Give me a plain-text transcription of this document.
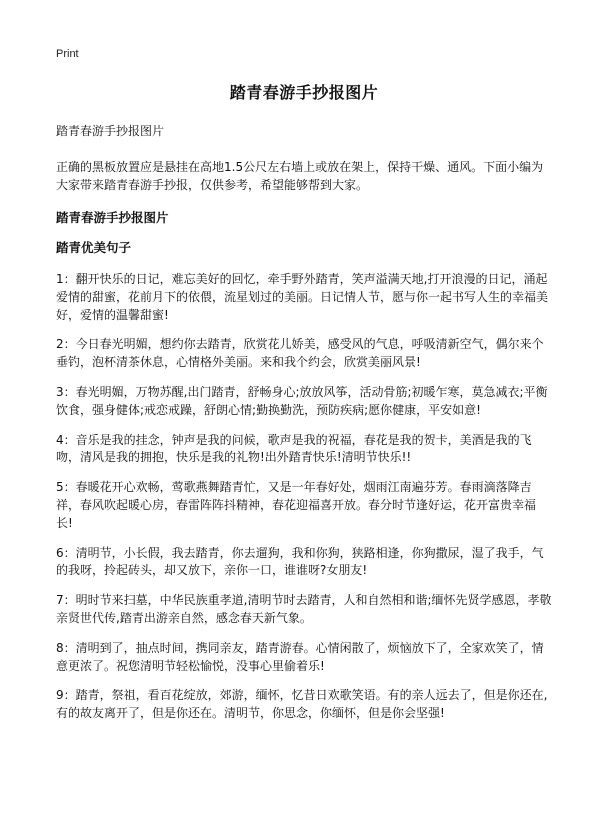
Print
踏青春游手抄报图片

踏青春游手抄报图片

正确的黑板放置应是悬挂在高地1.5公尺左右墙上或放在架上，保持干燥、通风。下面小编为大家带来踏青春游手抄报，仅供参考，希望能够帮到大家。

踏青春游手抄报图片
踏青优美句子
1：翻开快乐的日记，难忘美好的回忆，牵手野外踏青，笑声溢满天地,打开浪漫的日记，涌起爱情的甜蜜，花前月下的依偎，流星划过的美丽。日记情人节，愿与你一起书写人生的幸福美好，爱情的温馨甜蜜!
2：今日春光明媚，想约你去踏青，欣赏花儿娇美，感受风的气息，呼吸清新空气，偶尔来个垂钓，泡杯清茶休息，心情格外美丽。来和我个约会，欣赏美丽风景!
3：春光明媚，万物苏醒,出门踏青，舒畅身心;放放风筝，活动骨筋;初暖乍寒，莫急减衣;平衡饮食，强身健体;戒恋戒躁，舒朗心情;勤换勤洗，预防疾病;愿你健康，平安如意!
4：音乐是我的挂念，钟声是我的问候，歌声是我的祝福，春花是我的贺卡，美酒是我的飞吻，清风是我的拥抱，快乐是我的礼物!出外踏青快乐!清明节快乐!!
5：春暖花开心欢畅，莺歌燕舞踏青忙，又是一年春好处，烟雨江南遍芬芳。春雨滴落降吉祥，春风吹起暖心房，春雷阵阵抖精神，春花迎福喜开放。春分时节逢好运，花开富贵幸福长!
6：清明节，小长假，我去踏青，你去遛狗，我和你狗，狭路相逢，你狗撒尿，湿了我手，气的我呀，拎起砖头，却又放下，亲你一口，谁谁呀?女朋友!
7：明时节来扫墓，中华民族重孝道,清明节时去踏青，人和自然相和谐;缅怀先贤学感恩，孝敬亲贤世代传,踏青出游亲自然，感念春天新气象。
8：清明到了，抽点时间，携同亲友，踏青游春。心情闲散了，烦恼放下了，全家欢笑了，情意更浓了。祝您清明节轻松愉悦，没事心里偷着乐!
9：踏青，祭祖，看百花绽放，郊游，缅怀，忆昔日欢歌笑语。有的亲人远去了，但是你还在,有的故友离开了，但是你还在。清明节，你思念，你缅怀，但是你会坚强!
